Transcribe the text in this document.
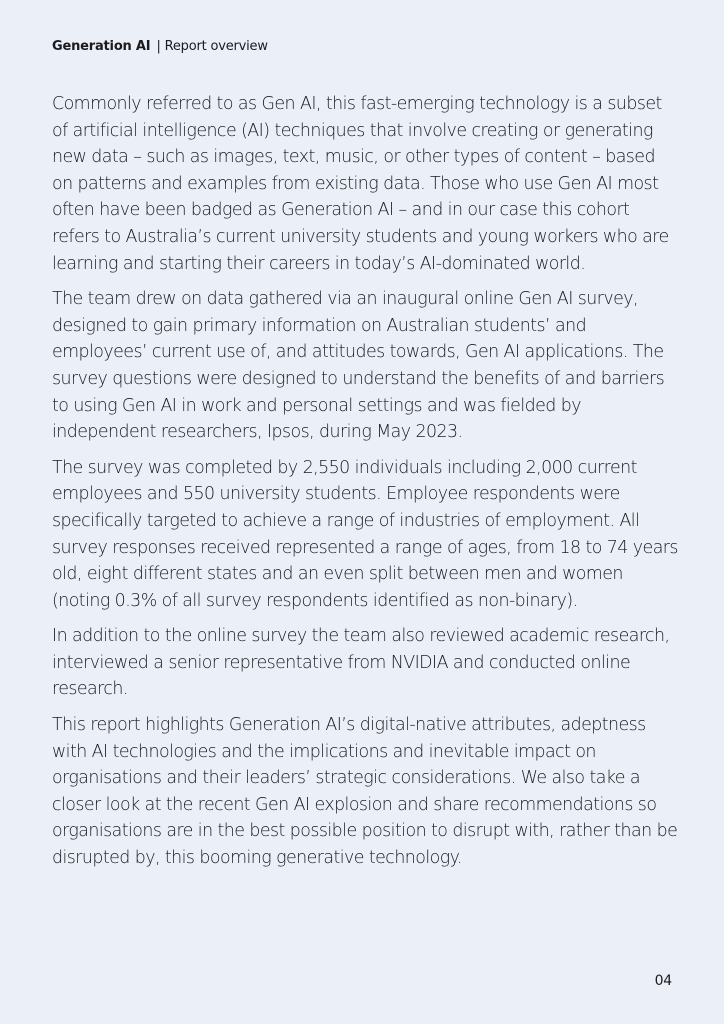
Generation AI | Report overview

Commonly referred to as Gen AI, this fast-emerging technology is a subset of artificial intelligence (AI) techniques that involve creating or generating new data – such as images, text, music, or other types of content – based on patterns and examples from existing data. Those who use Gen AI most often have been badged as Generation AI – and in our case this cohort refers to Australia’s current university students and young workers who are learning and starting their careers in today’s AI-dominated world.

The team drew on data gathered via an inaugural online Gen AI survey, designed to gain primary information on Australian students’ and employees’ current use of, and attitudes towards, Gen AI applications. The survey questions were designed to understand the benefits of and barriers to using Gen AI in work and personal settings and was fielded by independent researchers, Ipsos, during May 2023.

The survey was completed by 2,550 individuals including 2,000 current employees and 550 university students. Employee respondents were specifically targeted to achieve a range of industries of employment. All survey responses received represented a range of ages, from 18 to 74 years old, eight different states and an even split between men and women (noting 0.3% of all survey respondents identified as non-binary).

In addition to the online survey the team also reviewed academic research, interviewed a senior representative from NVIDIA and conducted online research.

This report highlights Generation AI’s digital-native attributes, adeptness with AI technologies and the implications and inevitable impact on organisations and their leaders’ strategic considerations. We also take a closer look at the recent Gen AI explosion and share recommendations so organisations are in the best possible position to disrupt with, rather than be disrupted by, this booming generative technology.

04
